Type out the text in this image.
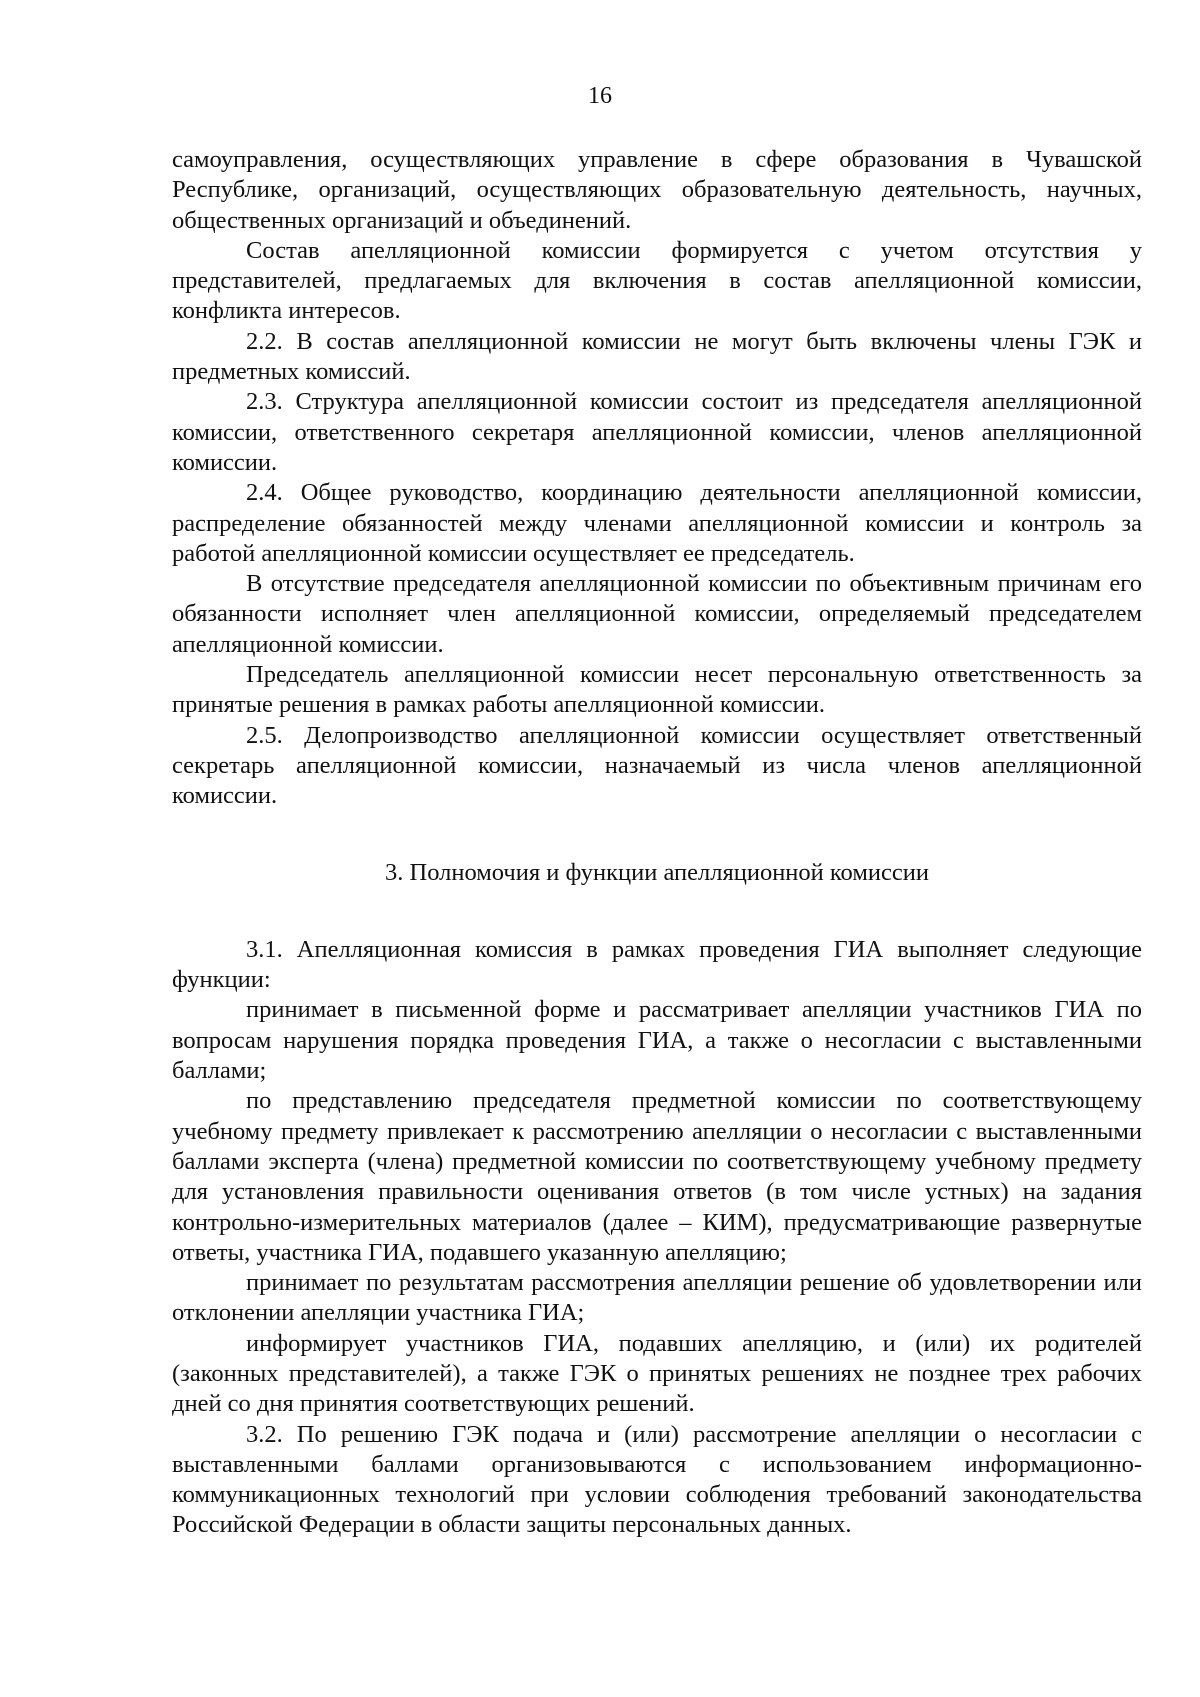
16

самоуправления, осуществляющих управление в сфере образования в Чувашской Республике, организаций, осуществляющих образовательную деятельность, научных, общественных организаций и объединений.

Состав апелляционной комиссии формируется с учетом отсутствия у представителей, предлагаемых для включения в состав апелляционной комиссии, конфликта интересов.

2.2. В состав апелляционной комиссии не могут быть включены члены ГЭК и предметных комиссий.

2.3. Структура апелляционной комиссии состоит из председателя апелляционной комиссии, ответственного секретаря апелляционной комиссии, членов апелляционной комиссии.

2.4. Общее руководство, координацию деятельности апелляционной комиссии, распределение обязанностей между членами апелляционной комиссии и контроль за работой апелляционной комиссии осуществляет ее председатель.

В отсутствие председателя апелляционной комиссии по объективным причинам его обязанности исполняет член апелляционной комиссии, определяемый председателем апелляционной комиссии.

Председатель апелляционной комиссии несет персональную ответственность за принятые решения в рамках работы апелляционной комиссии.

2.5. Делопроизводство апелляционной комиссии осуществляет ответственный секретарь апелляционной комиссии, назначаемый из числа членов апелляционной комиссии.

3. Полномочия и функции апелляционной комиссии

3.1. Апелляционная комиссия в рамках проведения ГИА выполняет следующие функции:

принимает в письменной форме и рассматривает апелляции участников ГИА по вопросам нарушения порядка проведения ГИА, а также о несогласии с выставленными баллами;

по представлению председателя предметной комиссии по соответствующему учебному предмету привлекает к рассмотрению апелляции о несогласии с выставленными баллами эксперта (члена) предметной комиссии по соответствующему учебному предмету для установления правильности оценивания ответов (в том числе устных) на задания контрольно-измерительных материалов (далее – КИМ), предусматривающие развернутые ответы, участника ГИА, подавшего указанную апелляцию;

принимает по результатам рассмотрения апелляции решение об удовлетворении или отклонении апелляции участника ГИА;

информирует участников ГИА, подавших апелляцию, и (или) их родителей (законных представителей), а также ГЭК о принятых решениях не позднее трех рабочих дней со дня принятия соответствующих решений.

3.2. По решению ГЭК подача и (или) рассмотрение апелляции о несогласии с выставленными баллами организовываются с использованием информационно-коммуникационных технологий при условии соблюдения требований законодательства Российской Федерации в области защиты персональных данных.
